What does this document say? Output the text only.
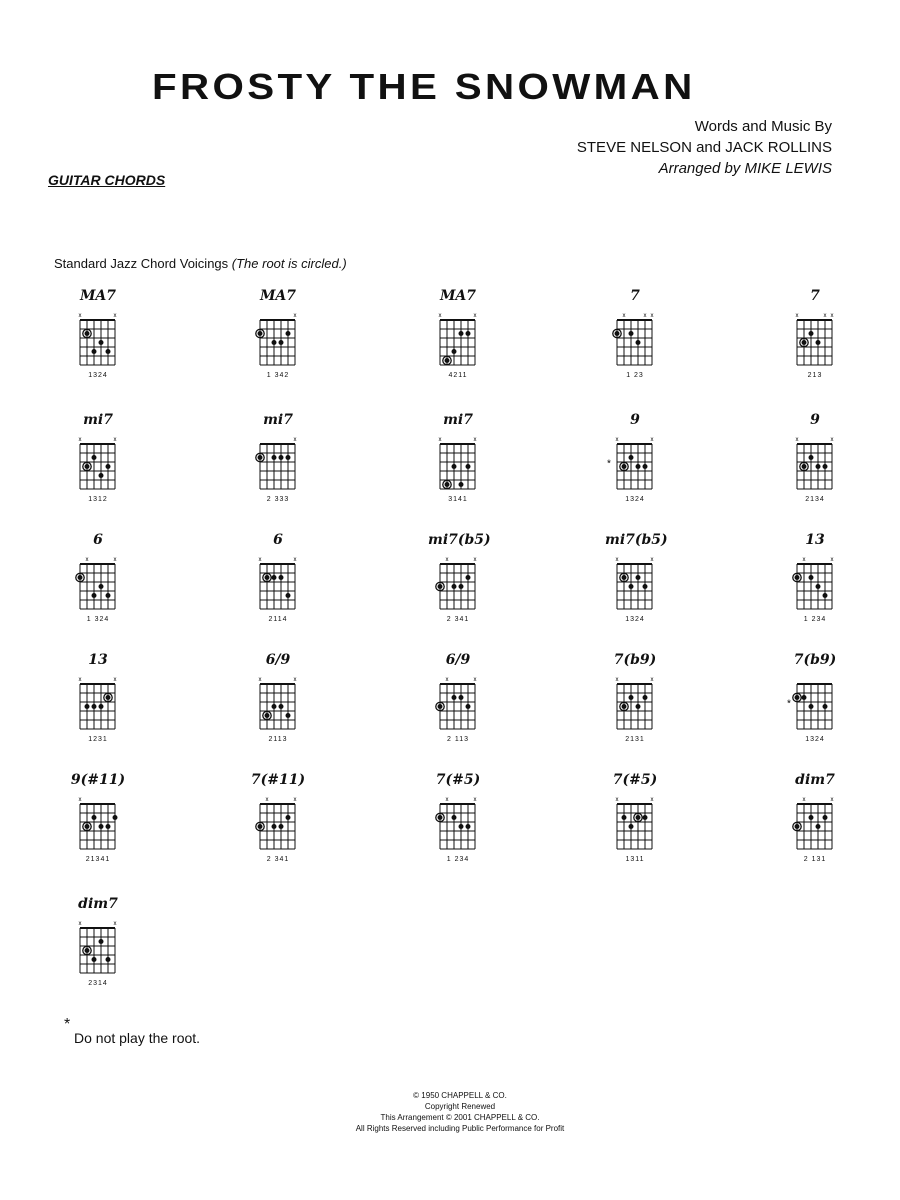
FROSTY THE SNOWMAN
Words and Music By
STEVE NELSON and JACK ROLLINS
Arranged by MIKE LEWIS
GUITAR CHORDS
Standard Jazz Chord Voicings (The root is circled.)
MA7
x	x
1324
MA7
x
1 342
MA7
x	x
4211
7
x	x x
1 23
7
x	x x
213
mi7
x	x
1312
mi7
x
2 333
mi7
x	x
3141
9
x	x
*
1324
9
x	x
2134
6
x	x
1 324
6
x	x
2114
mi7(b5)
x	x
2 341
mi7(b5)
x	x
1324
13
x	x
1 234
13
x	x
1231
6/9
x	x
2113
6/9
x	x
2 113
7(b9)
x	x
2131
7(b9)
*
1324
9(#11)
x
21341
7(#11)
x	x
2 341
7(#5)
x	x
1 234
7(#5)
x	x
1311
dim7
x	x
2 131
dim7
x	x
2314
*
Do not play the root.
© 1950 CHAPPELL & CO.
Copyright Renewed
This Arrangement © 2001 CHAPPELL & CO.
All Rights Reserved including Public Performance for Profit
